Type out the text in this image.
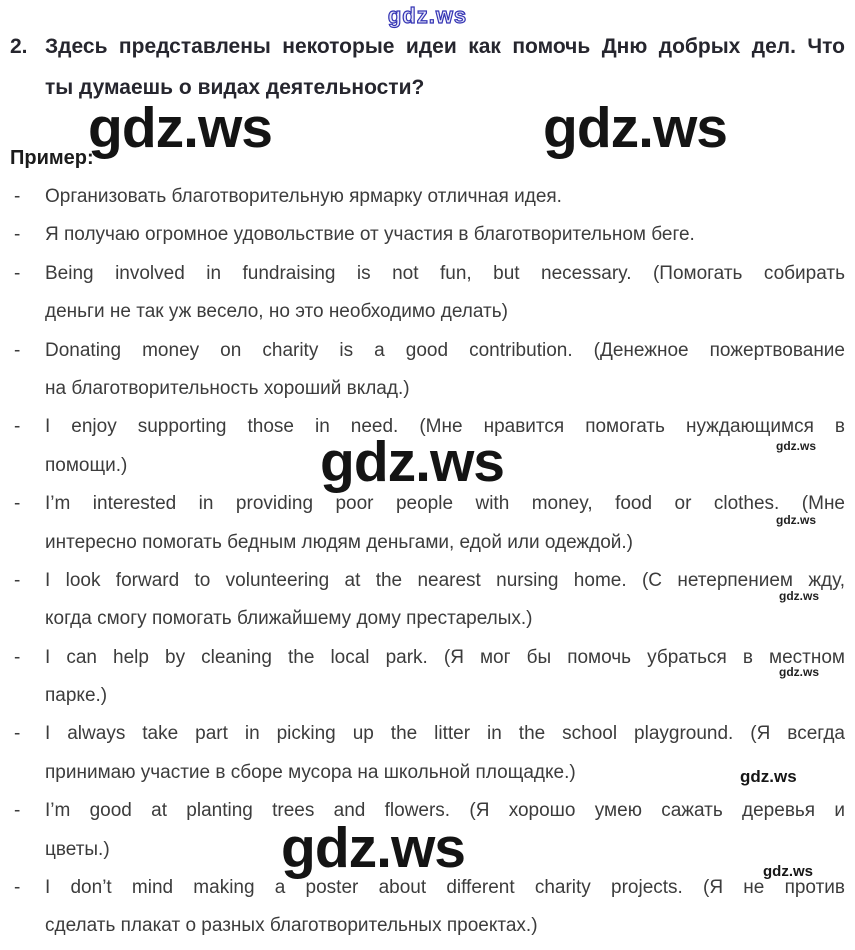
gdz.ws
gdz.ws	gdz.ws
gdz.ws
gdz.ws
gdz.ws
gdz.ws
gdz.ws
gdz.ws
gdz.ws
gdz.ws
2. Здесь представлены некоторые идеи как помочь Дню добрых дел. Что
ты думаешь о видах деятельности?
Пример:
- Организовать благотворительную ярмарку отличная идея.
- Я получаю огромное удовольствие от участия в благотворительном беге.
- Being involved in fundraising is not fun, but necessary. (Помогать собирать
деньги не так уж весело, но это необходимо делать)
- Donating money on charity is a good contribution. (Денежное пожертвование
на благотворительность хороший вклад.)
- I enjoy supporting those in need. (Мне нравится помогать нуждающимся в
помощи.)
- I’m interested in providing poor people with money, food or clothes. (Мне
интересно помогать бедным людям деньгами, едой или одеждой.)
- I look forward to volunteering at the nearest nursing home. (С нетерпением жду,
когда смогу помогать ближайшему дому престарелых.)
- I can help by cleaning the local park. (Я мог бы помочь убраться в местном
парке.)
- I always take part in picking up the litter in the school playground. (Я всегда
принимаю участие в сборе мусора на школьной площадке.)
- I’m good at planting trees and flowers. (Я хорошо умею сажать деревья и
цветы.)
- I don’t mind making a poster about different charity projects. (Я не против
сделать плакат о разных благотворительных проектах.)
